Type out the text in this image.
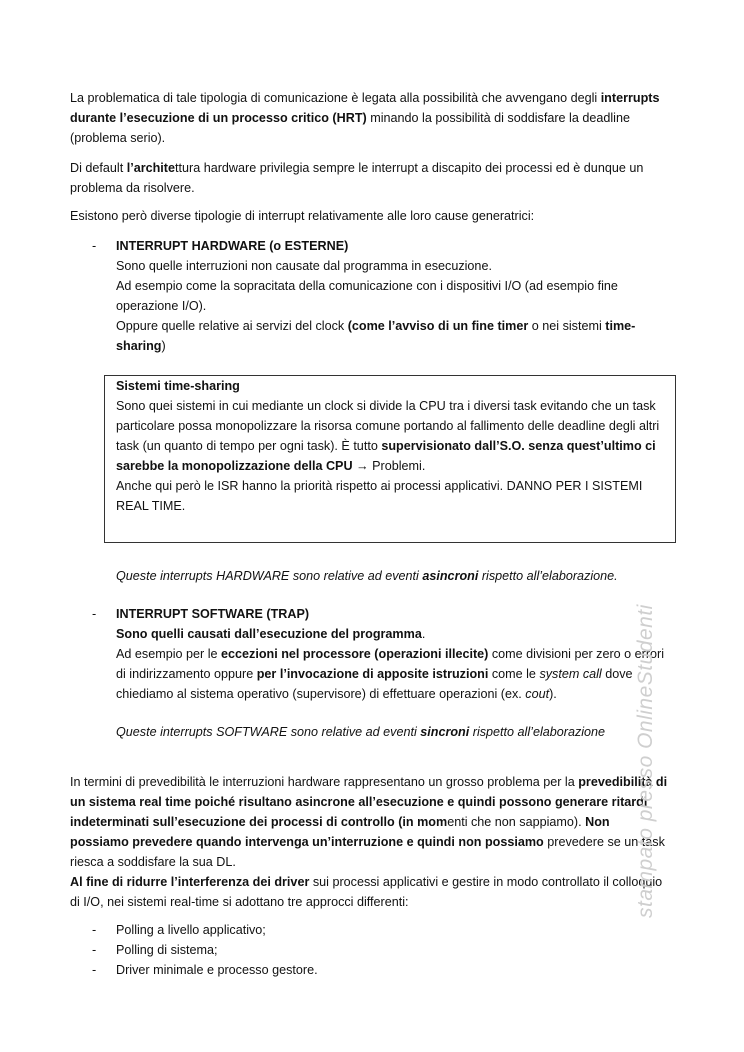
La problematica di tale tipologia di comunicazione è legata alla possibilità che avvengano degli interrupts durante l’esecuzione di un processo critico (HRT) minando la possibilità di soddisfare la deadline (problema serio).

Di default l’architettura hardware privilegia sempre le interrupt a discapito dei processi ed è dunque un problema da risolvere.

Esistono però diverse tipologie di interrupt relativamente alle loro cause generatrici:

- INTERRUPT HARDWARE (o ESTERNE)
Sono quelle interruzioni non causate dal programma in esecuzione.
Ad esempio come la sopracitata della comunicazione con i dispositivi I/O (ad esempio fine operazione I/O).
Oppure quelle relative ai servizi del clock (come l’avviso di un fine timer o nei sistemi time-sharing)
Sistemi time-sharing
Sono quei sistemi in cui mediante un clock si divide la CPU tra i diversi task evitando che un task particolare possa monopolizzare la risorsa comune portando al fallimento delle deadline degli altri task (un quanto di tempo per ogni task). È tutto supervisionato dall’S.O. senza quest’ultimo ci sarebbe la monopolizzazione della CPU → Problemi.
Anche qui però le ISR hanno la priorità rispetto ai processi applicativi. DANNO PER I SISTEMI REAL TIME.

Queste interrupts HARDWARE sono relative ad eventi asincroni rispetto all’elaborazione.

- INTERRUPT SOFTWARE (TRAP)
Sono quelli causati dall’esecuzione del programma.
Ad esempio per le eccezioni nel processore (operazioni illecite) come divisioni per zero o errori di indirizzamento oppure per l’invocazione di apposite istruzioni come le system call dove chiediamo al sistema operativo (supervisore) di effettuare operazioni (ex. cout).

Queste interrupts SOFTWARE sono relative ad eventi sincroni rispetto all’elaborazione

In termini di prevedibilità le interruzioni hardware rappresentano un grosso problema per la prevedibilità di un sistema real time poiché risultano asincrone all’esecuzione e quindi possono generare ritardi indeterminati sull’esecuzione dei processi di controllo (in momenti che non sappiamo). Non possiamo prevedere quando intervenga un’interruzione e quindi non possiamo prevedere se un task riesca a soddisfare la sua DL.

Al fine di ridurre l’interferenza dei driver sui processi applicativi e gestire in modo controllato il colloquio di I/O, nei sistemi real-time si adottano tre approcci differenti:

- Polling a livello applicativo;
- Polling di sistema;
- Driver minimale e processo gestore.
stampato presso OnlineStudenti
